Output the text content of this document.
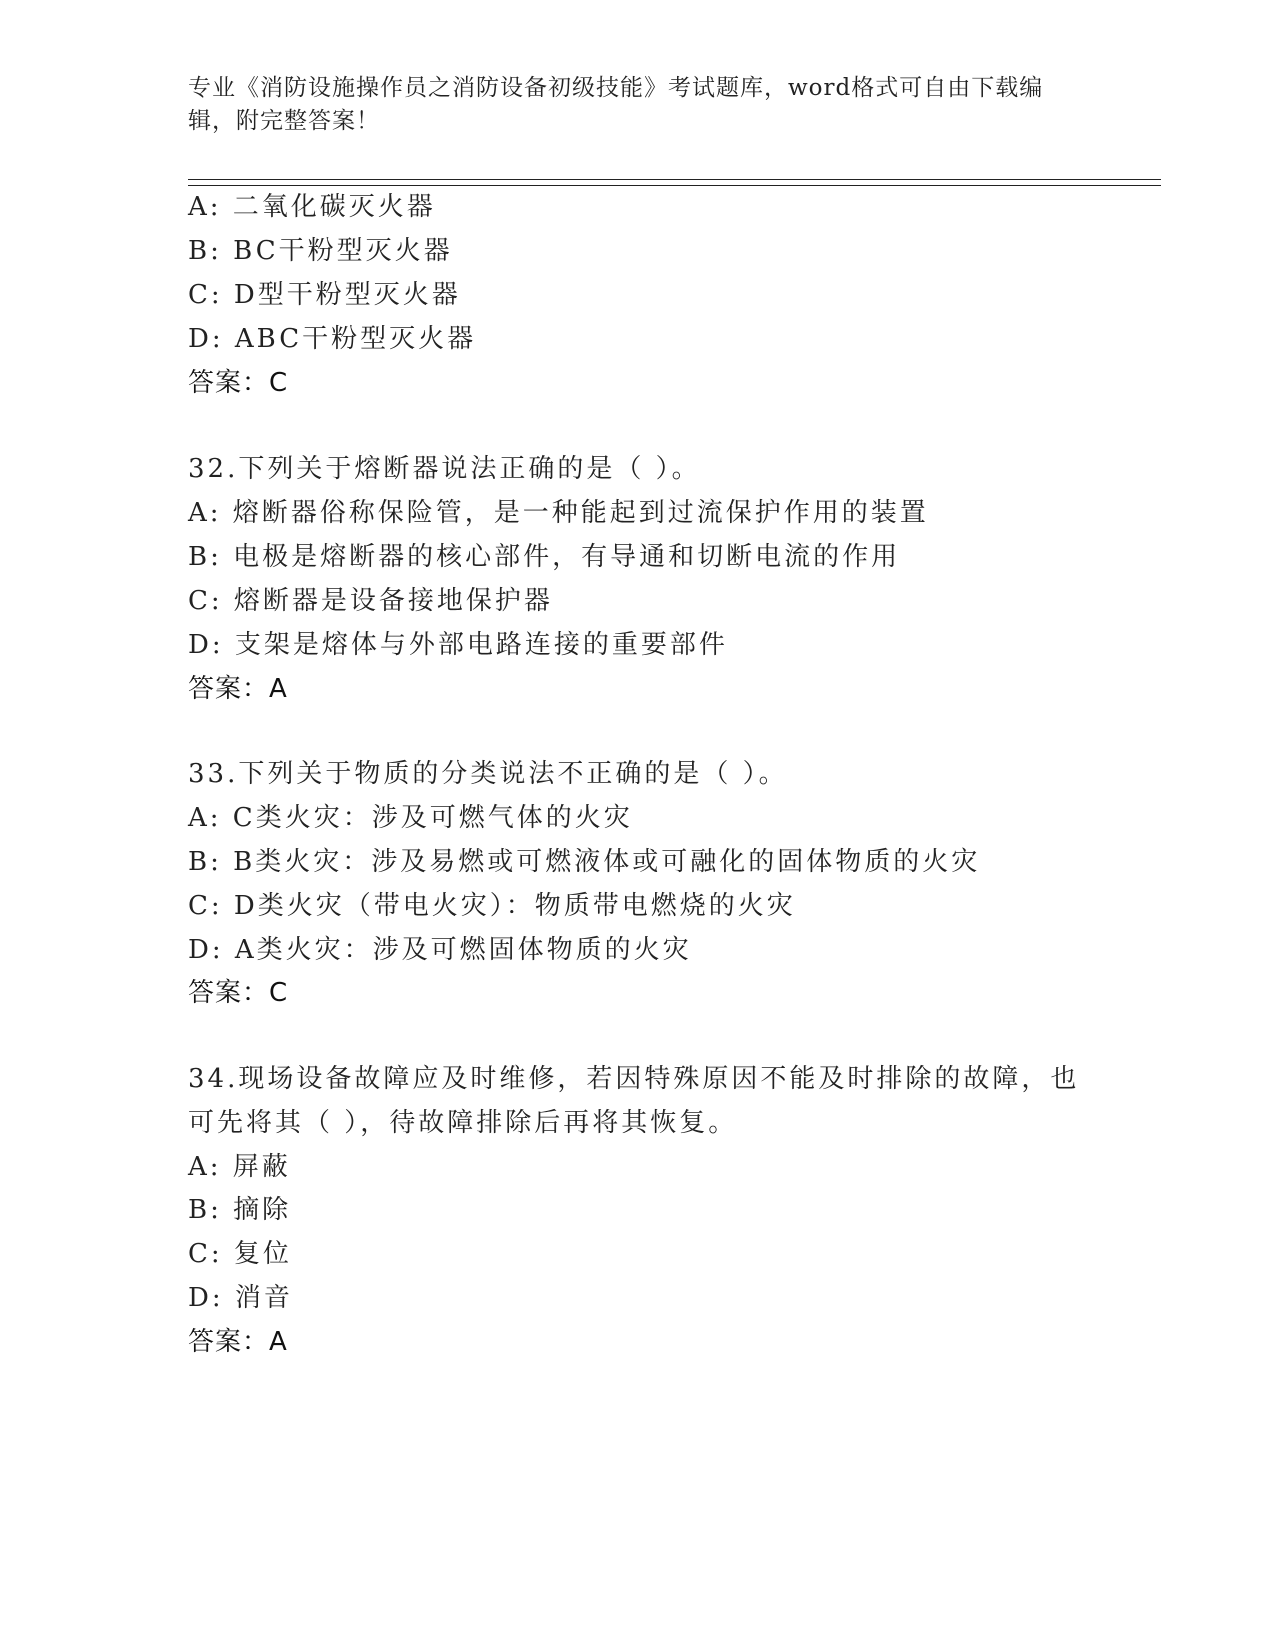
专业《消防设施操作员之消防设备初级技能》考试题库，word格式可自由下载编辑，附完整答案！
A: 二氧化碳灭火器
B: BC干粉型灭火器
C: D型干粉型灭火器
D: ABC干粉型灭火器
答案：C
32.下列关于熔断器说法正确的是（ ）。
A: 熔断器俗称保险管，是一种能起到过流保护作用的装置
B: 电极是熔断器的核心部件，有导通和切断电流的作用
C: 熔断器是设备接地保护器
D: 支架是熔体与外部电路连接的重要部件
答案：A
33.下列关于物质的分类说法不正确的是（ ）。
A: C类火灾：涉及可燃气体的火灾
B: B类火灾：涉及易燃或可燃液体或可融化的固体物质的火灾
C: D类火灾（带电火灾）：物质带电燃烧的火灾
D: A类火灾：涉及可燃固体物质的火灾
答案：C
34.现场设备故障应及时维修，若因特殊原因不能及时排除的故障，也
可先将其（ ），待故障排除后再将其恢复。
A: 屏蔽
B: 摘除
C: 复位
D: 消音
答案：A
